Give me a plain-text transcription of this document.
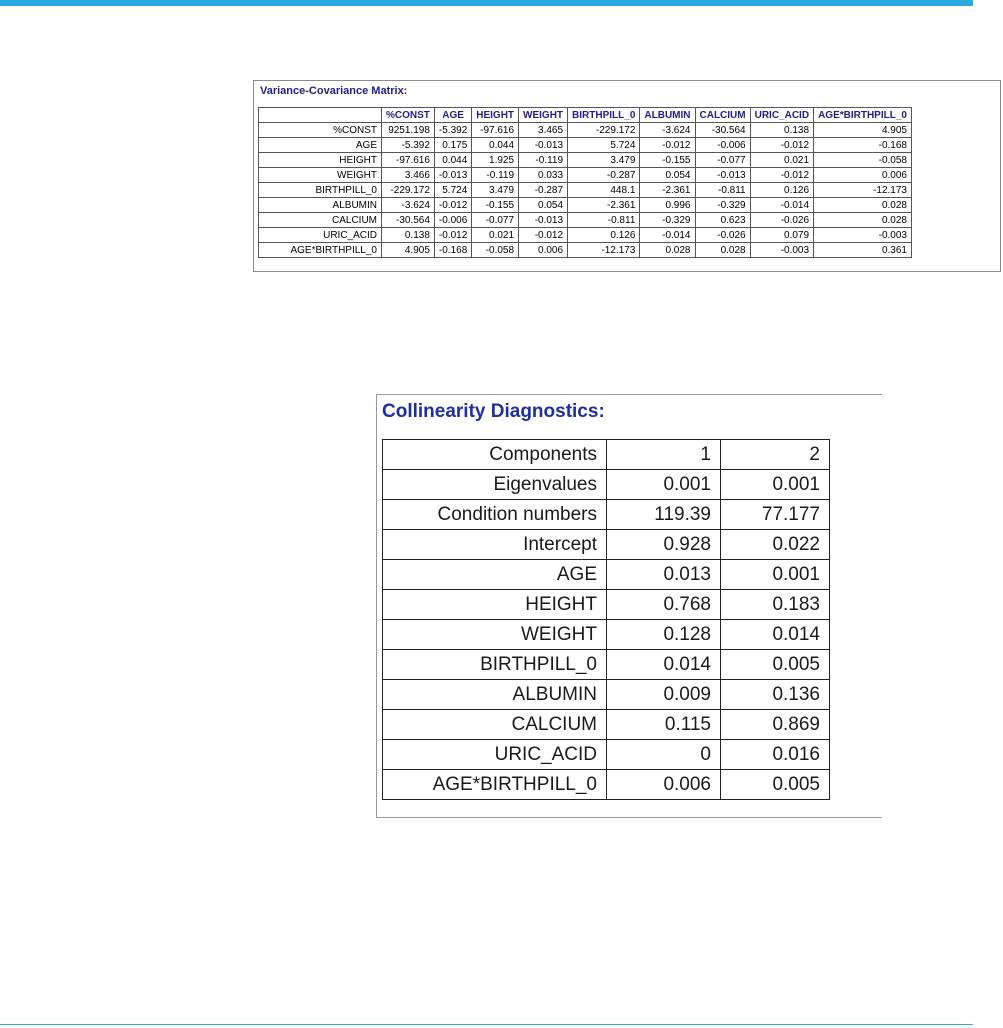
Variance-Covariance Matrix:
	%CONST	AGE	HEIGHT	WEIGHT	BIRTHPILL_0	ALBUMIN	CALCIUM	URIC_ACID	AGE*BIRTHPILL_0
%CONST	9251.198	-5.392	-97.616	3.465	-229.172	-3.624	-30.564	0.138	4.905
AGE	-5.392	0.175	0.044	-0.013	5.724	-0.012	-0.006	-0.012	-0.168
HEIGHT	-97.616	0.044	1.925	-0.119	3.479	-0.155	-0.077	0.021	-0.058
WEIGHT	3.466	-0.013	-0.119	0.033	-0.287	0.054	-0.013	-0.012	0.006
BIRTHPILL_0	-229.172	5.724	3.479	-0.287	448.1	-2.361	-0.811	0.126	-12.173
ALBUMIN	-3.624	-0.012	-0.155	0.054	-2.361	0.996	-0.329	-0.014	0.028
CALCIUM	-30.564	-0.006	-0.077	-0.013	-0.811	-0.329	0.623	-0.026	0.028
URIC_ACID	0.138	-0.012	0.021	-0.012	0.126	-0.014	-0.026	0.079	-0.003
AGE*BIRTHPILL_0	4.905	-0.168	-0.058	0.006	-12.173	0.028	0.028	-0.003	0.361
Collinearity Diagnostics:
Components	1	2
Eigenvalues	0.001	0.001
Condition numbers	119.39	77.177
Intercept	0.928	0.022
AGE	0.013	0.001
HEIGHT	0.768	0.183
WEIGHT	0.128	0.014
BIRTHPILL_0	0.014	0.005
ALBUMIN	0.009	0.136
CALCIUM	0.115	0.869
URIC_ACID	0	0.016
AGE*BIRTHPILL_0	0.006	0.005
